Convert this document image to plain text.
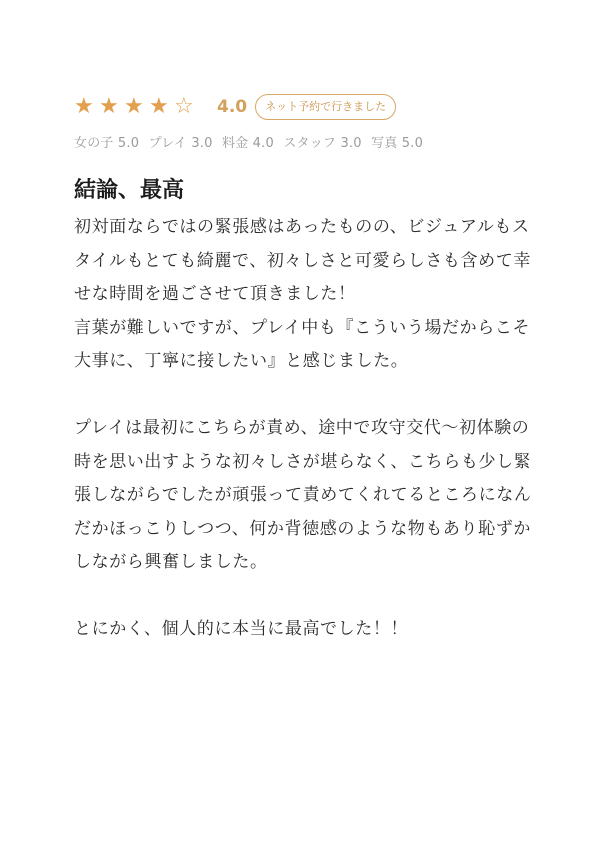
★ ★ ★ ★ ☆	4.0	ネット予約で行きました
女の子 5.0 プレイ 3.0 料金 4.0 スタッフ 3.0 写真 5.0
結論、最高
初対面ならではの緊張感はあったものの、ビジュアルもスタイルもとても綺麗で、初々しさと可愛らしさも含めて幸せな時間を過ごさせて頂きました！
言葉が難しいですが、プレイ中も『こういう場だからこそ大事に、丁寧に接したい』と感じました。

プレイは最初にこちらが責め、途中で攻守交代〜初体験の時を思い出すような初々しさが堪らなく、こちらも少し緊張しながらでしたが頑張って責めてくれてるところになんだかほっこりしつつ、何か背徳感のような物もあり恥ずかしながら興奮しました。

とにかく、個人的に本当に最高でした！！
